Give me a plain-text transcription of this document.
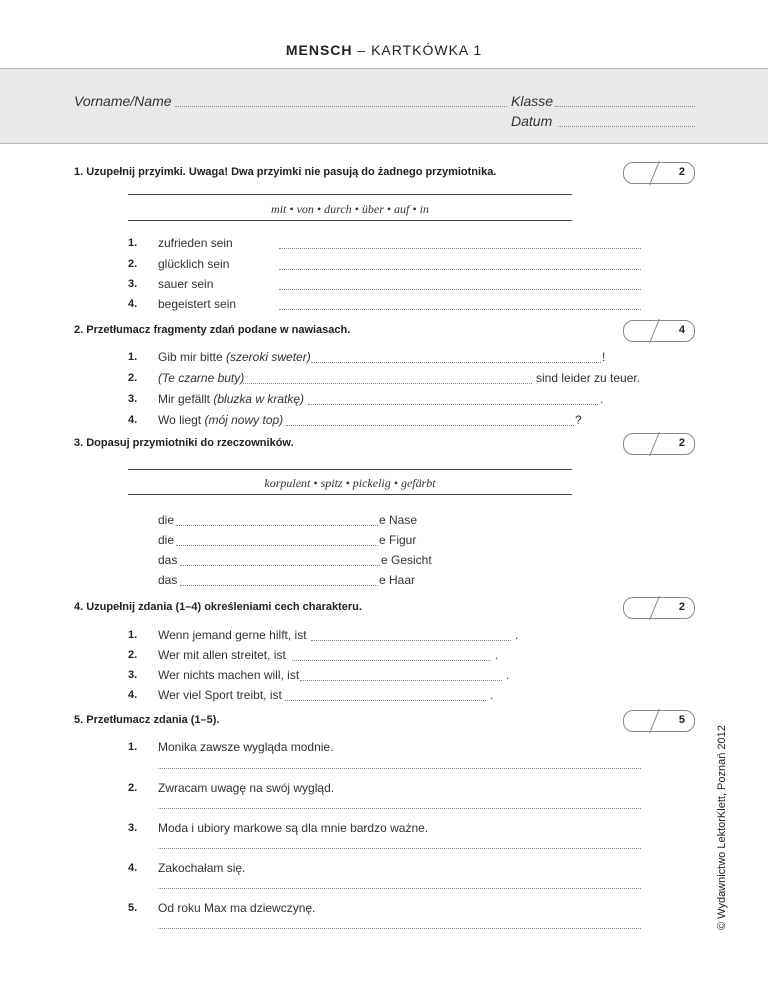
MENSCH – KARTKÓWKA 1
Vorname/Name	Klasse
Datum
1. Uzupełnij przyimki. Uwaga! Dwa przyimki nie pasują do żadnego przymiotnika.	2
mit • von • durch • über • auf • in
1. zufrieden sein
2. glücklich sein
3. sauer sein
4. begeistert sein
2. Przetłumacz fragmenty zdań podane w nawiasach.	4
1. Gib mir bitte (szeroki sweter)	!
2. (Te czarne buty)	sind leider zu teuer.
3. Mir gefällt (bluzka w kratkę)	.
4. Wo liegt (mój nowy top)	?
3. Dopasuj przymiotniki do rzeczowników.	2
korpulent • spitz • pickelig • gefärbt
die	e Nase
die	e Figur
das	e Gesicht
das	e Haar
4. Uzupełnij zdania (1–4) określeniami cech charakteru.	2
1. Wenn jemand gerne hilft, ist	.
2. Wer mit allen streitet, ist	.
3. Wer nichts machen will, ist	.
4. Wer viel Sport treibt, ist	.
5. Przetłumacz zdania (1–5).	5
1. Monika zawsze wygląda modnie.
2. Zwracam uwagę na swój wygląd.
3. Moda i ubiory markowe są dla mnie bardzo ważne.
4. Zakochałam się.
5. Od roku Max ma dziewczynę.	© Wydawnictwo LektorKlett, Poznań 2012
